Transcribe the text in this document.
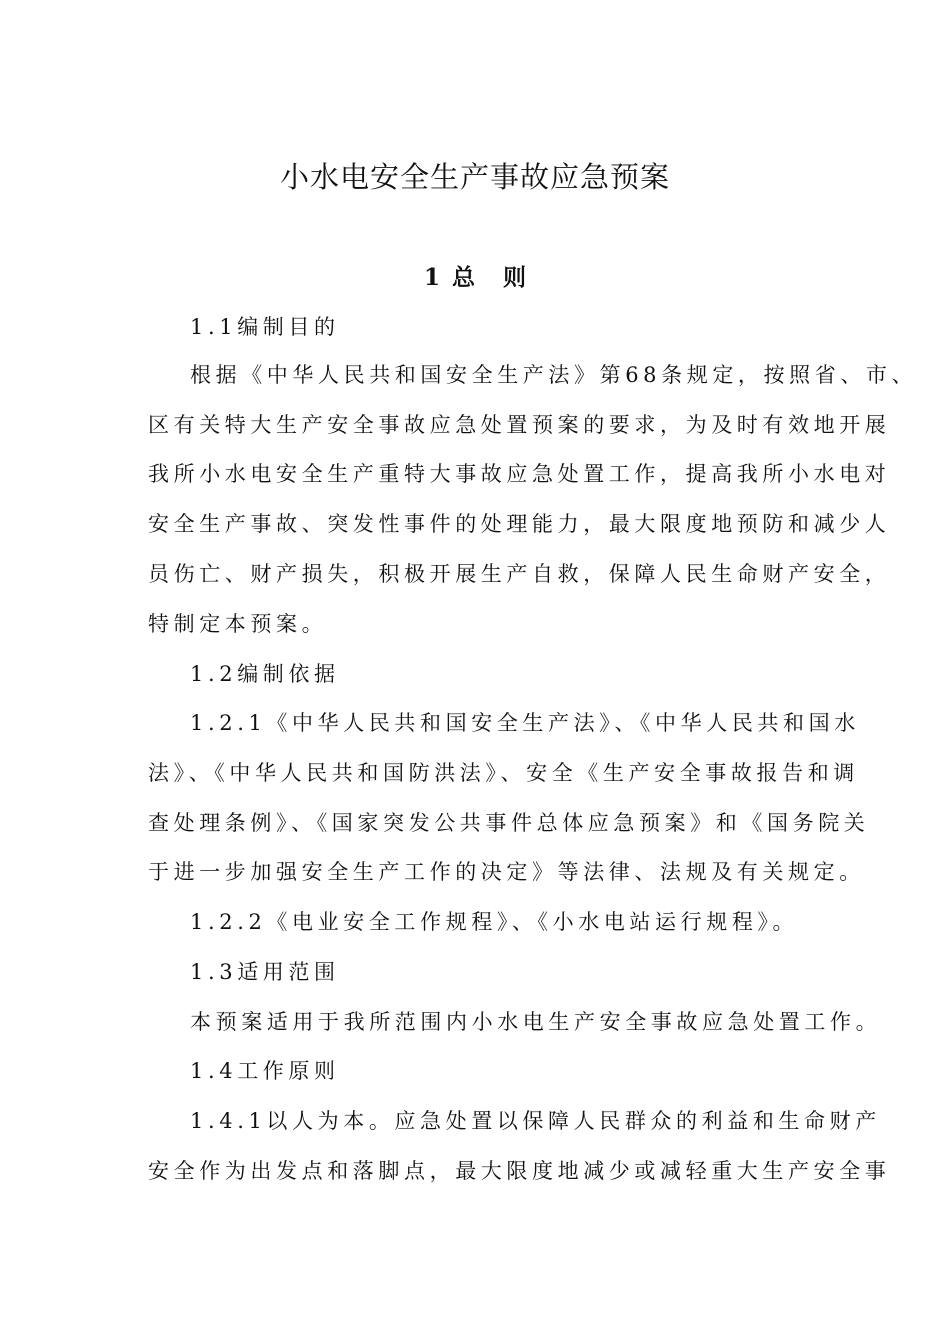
小水电安全生产事故应急预案
1 总 则
1.1编制目的
根据《中华人民共和国安全生产法》第68条规定，按照省、市、
区有关特大生产安全事故应急处置预案的要求，为及时有效地开展
我所小水电安全生产重特大事故应急处置工作，提高我所小水电对
安全生产事故、突发性事件的处理能力，最大限度地预防和减少人
员伤亡、财产损失，积极开展生产自救，保障人民生命财产安全，
特制定本预案。
1.2编制依据
1.2.1《中华人民共和国安全生产法》、《中华人民共和国水
法》、《中华人民共和国防洪法》、安全《生产安全事故报告和调
查处理条例》、《国家突发公共事件总体应急预案》和《国务院关
于进一步加强安全生产工作的决定》等法律、法规及有关规定。
1.2.2《电业安全工作规程》、《小水电站运行规程》。
1.3适用范围
本预案适用于我所范围内小水电生产安全事故应急处置工作。
1.4工作原则
1.4.1以人为本。应急处置以保障人民群众的利益和生命财产
安全作为出发点和落脚点，最大限度地减少或减轻重大生产安全事
